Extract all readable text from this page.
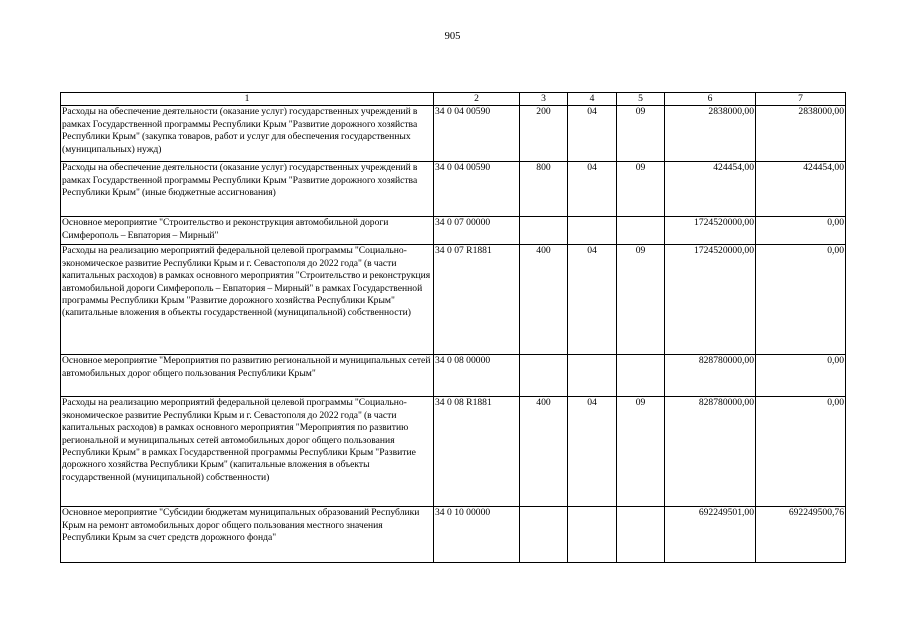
905
1	2	3	4	5	6	7
Расходы на обеспечение деятельности (оказание услуг) государственных учреждений в рамках Государственной программы Республики Крым "Развитие дорожного хозяйства Республики Крым" (закупка товаров, работ и услуг для обеспечения государственных (муниципальных) нужд)	34 0 04 00590	200	04	09	2838000,00	2838000,00
Расходы на обеспечение деятельности (оказание услуг) государственных учреждений в рамках Государственной программы Республики Крым "Развитие дорожного хозяйства Республики Крым" (иные бюджетные ассигнования)	34 0 04 00590	800	04	09	424454,00	424454,00
Основное мероприятие "Строительство и реконструкция автомобильной дороги Симферополь – Евпатория – Мирный"	34 0 07 00000				1724520000,00	0,00
Расходы на реализацию мероприятий федеральной целевой программы "Социально-экономическое развитие Республики Крым и г. Севастополя до 2022 года" (в части капитальных расходов) в рамках основного мероприятия "Строительство и реконструкция автомобильной дороги Симферополь – Евпатория – Мирный" в рамках Государственной программы Республики Крым "Развитие дорожного хозяйства Республики Крым" (капитальные вложения в объекты государственной (муниципальной) собственности)	34 0 07 R1881	400	04	09	1724520000,00	0,00
Основное мероприятие "Мероприятия по развитию региональной и муниципальных сетей автомобильных дорог общего пользования Республики Крым"	34 0 08 00000				828780000,00	0,00
Расходы на реализацию мероприятий федеральной целевой программы "Социально-экономическое развитие Республики Крым и г. Севастополя до 2022 года" (в части капитальных расходов) в рамках основного мероприятия "Мероприятия по развитию региональной и муниципальных сетей автомобильных дорог общего пользования Республики Крым" в рамках Государственной программы Республики Крым "Развитие дорожного хозяйства Республики Крым" (капитальные вложения в объекты государственной (муниципальной) собственности)	34 0 08 R1881	400	04	09	828780000,00	0,00
Основное мероприятие "Субсидии бюджетам муниципальных образований Республики Крым на ремонт автомобильных дорог общего пользования местного значения Республики Крым за счет средств дорожного фонда"	34 0 10 00000				692249501,00	692249500,76
